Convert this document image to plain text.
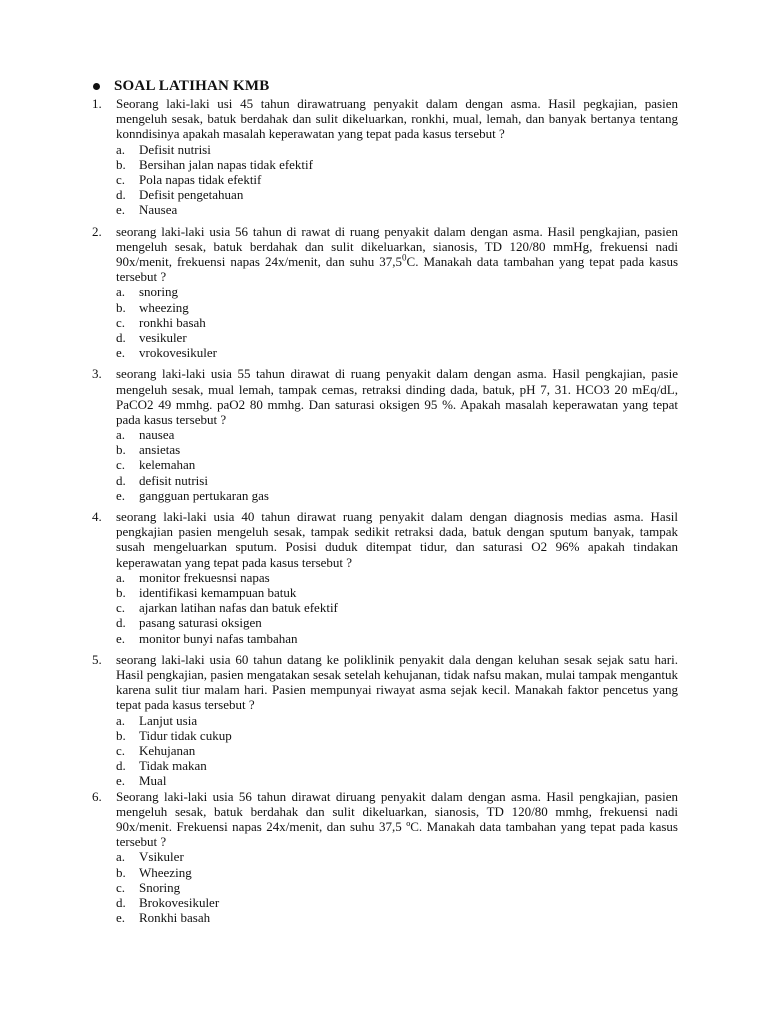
SOAL LATIHAN KMB
1.	Seorang laki-laki usi 45 tahun dirawatruang penyakit dalam dengan asma. Hasil pegkajian, pasien mengeluh sesak, batuk berdahak dan sulit dikeluarkan, ronkhi, mual, lemah, dan banyak bertanya tentang konndisinya apakah masalah keperawatan yang tepat pada kasus tersebut ?
a.	Defisit nutrisi
b.	Bersihan jalan napas tidak efektif
c.	Pola napas tidak efektif
d.	Defisit pengetahuan
e.	Nausea
2.	seorang laki-laki usia 56 tahun di rawat di ruang penyakit dalam dengan asma. Hasil pengkajian, pasien mengeluh sesak, batuk berdahak dan sulit dikeluarkan, sianosis, TD 120/80 mmHg, frekuensi nadi 90x/menit, frekuensi napas 24x/menit, dan suhu 37,5$^0$C. Manakah data tambahan yang tepat pada kasus tersebut ?
a.	snoring
b.	wheezing
c.	ronkhi basah
d.	vesikuler
e.	vrokovesikuler
3.	seorang laki-laki usia 55 tahun dirawat di ruang penyakit dalam dengan asma. Hasil pengkajian, pasie mengeluh sesak, mual lemah, tampak cemas, retraksi dinding dada, batuk, pH 7, 31. HCO3 20 mEq/dL, PaCO2 49 mmhg. paO2 80 mmhg. Dan saturasi oksigen 95 %. Apakah masalah keperawatan yang tepat pada kasus tersebut ?
a.	nausea
b.	ansietas
c.	kelemahan
d.	defisit nutrisi
e.	gangguan pertukaran gas
4.	seorang laki-laki usia 40 tahun dirawat ruang penyakit dalam dengan diagnosis medias asma. Hasil pengkajian pasien mengeluh sesak, tampak sedikit retraksi dada, batuk dengan sputum banyak, tampak susah mengeluarkan sputum. Posisi duduk ditempat tidur, dan saturasi O2 96% apakah tindakan keperawatan yang tepat pada kasus tersebut ?
a.	monitor frekuesnsi napas
b.	identifikasi kemampuan batuk
c.	ajarkan latihan nafas dan batuk efektif
d.	pasang saturasi oksigen
e.	monitor bunyi nafas tambahan
5.	seorang laki-laki usia 60 tahun datang ke poliklinik penyakit dala dengan keluhan sesak sejak satu hari. Hasil pengkajian, pasien mengatakan sesak setelah kehujanan, tidak nafsu makan, mulai tampak mengantuk karena sulit tiur malam hari. Pasien mempunyai riwayat asma sejak kecil. Manakah faktor pencetus yang tepat pada kasus tersebut ?
a.	Lanjut usia
b.	Tidur tidak cukup
c.	Kehujanan
d.	Tidak makan
e.	Mual
6.	Seorang laki-laki usia 56 tahun dirawat diruang penyakit dalam dengan asma. Hasil pengkajian, pasien mengeluh sesak, batuk berdahak dan sulit dikeluarkan, sianosis, TD 120/80 mmhg, frekuensi nadi 90x/menit. Frekuensi napas 24x/menit, dan suhu 37,5 ºC. Manakah data tambahan yang tepat pada kasus tersebut ?
a.	Vsikuler
b.	Wheezing
c.	Snoring
d.	Brokovesikuler
e.	Ronkhi basah
